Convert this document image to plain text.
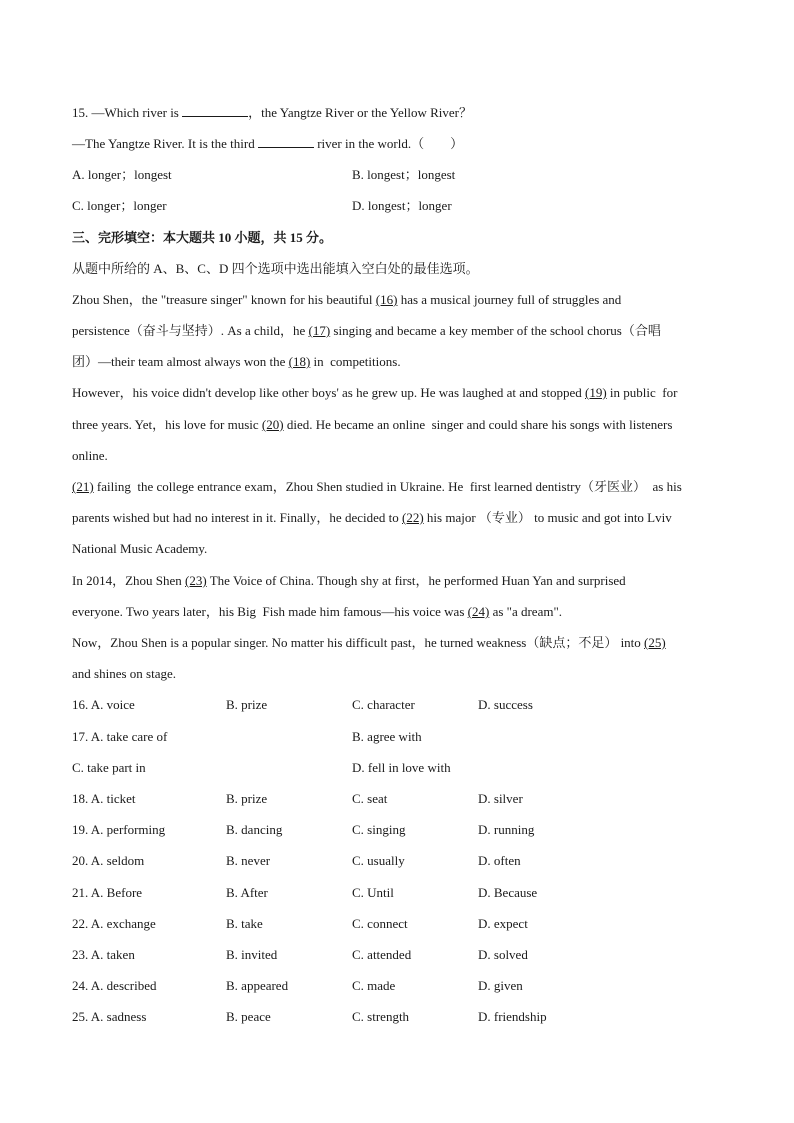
15. —Which river is	，the Yangtze River or the Yellow River？
—The Yangtze River. It is the third	river in the world.（　　）
A. longer；longest	B. longest；longest
C. longer；longer	D. longest；longer
三、完形填空：本大题共 10 小题，共 15 分。
从题中所给的 A、B、C、D 四个选项中选出能填入空白处的最佳选项。
Zhou Shen，the "treasure singer" known for his beautiful (16) has a musical journey full of struggles and
persistence（奋斗与坚持）. As a child，he (17) singing and became a key member of the school chorus（合唱
团）—their team almost always won the (18) in  competitions.
However，his voice didn't develop like other boys' as he grew up. He was laughed at and stopped (19) in public  for
three years. Yet，his love for music (20) died. He became an online  singer and could share his songs with listeners
online.
(21) failing  the college entrance exam，Zhou Shen studied in Ukraine. He  first learned dentistry（牙医业）  as his
parents wished but had no interest in it. Finally，he decided to (22) his major （专业） to music and got into Lviv
National Music Academy.
In 2014，Zhou Shen (23) The Voice of China. Though shy at first，he performed Huan Yan and surprised
everyone. Two years later，his Big  Fish made him famous—his voice was (24) as "a dream".
Now，Zhou Shen is a popular singer. No matter his difficult past，he turned weakness（缺点；不足） into (25)
and shines on stage.
16. A. voice	B. prize	C. character	D. success
17. A. take care of	B. agree with
C. take part in	D. fell in love with
18. A. ticket	B. prize	C. seat	D. silver
19. A. performing	B. dancing	C. singing	D. running
20. A. seldom	B. never	C. usually	D. often
21. A. Before	B. After	C. Until	D. Because
22. A. exchange	B. take	C. connect	D. expect
23. A. taken	B. invited	C. attended	D. solved
24. A. described	B. appeared	C. made	D. given
25. A. sadness	B. peace	C. strength	D. friendship
